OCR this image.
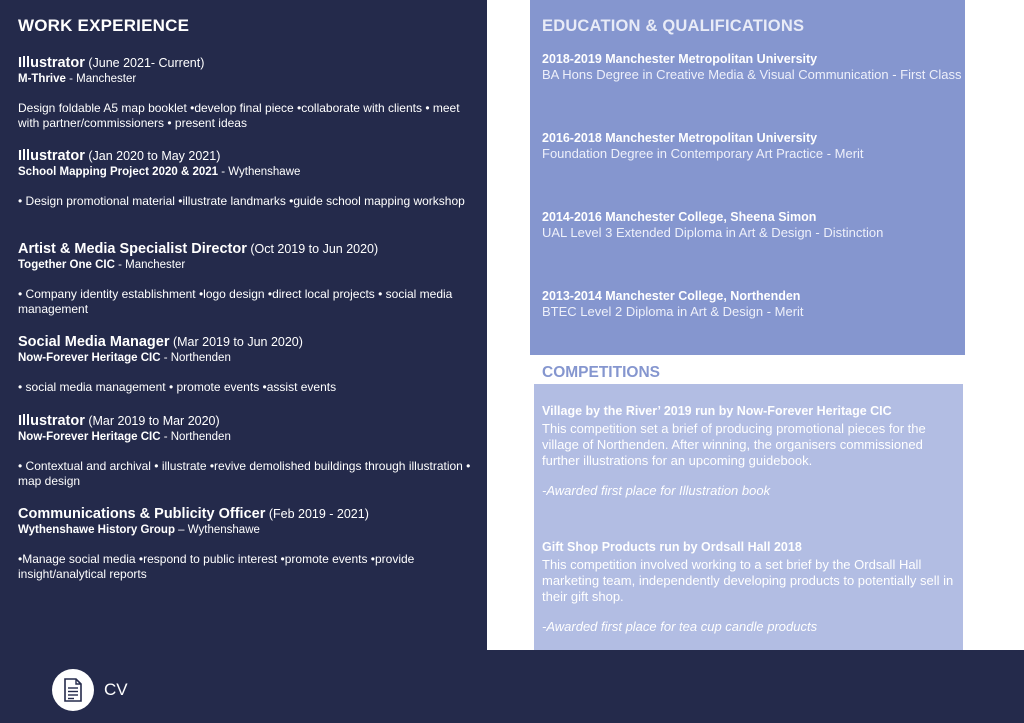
WORK EXPERIENCE
Illustrator (June 2021- Current)
M-Thrive - Manchester
Design foldable A5 map booklet •develop final piece •collaborate with clients • meet with partner/commissioners • present ideas
Illustrator (Jan 2020 to May 2021)
School Mapping Project 2020 & 2021 - Wythenshawe
• Design promotional material •illustrate landmarks •guide school mapping workshop
Artist & Media Specialist Director (Oct 2019 to Jun 2020)
Together One CIC - Manchester
• Company identity establishment •logo design •direct local projects • social media management
Social Media Manager (Mar 2019 to Jun 2020)
Now-Forever Heritage CIC - Northenden
• social media management • promote events •assist events
Illustrator (Mar 2019 to Mar 2020)
Now-Forever Heritage CIC - Northenden
• Contextual and archival • illustrate •revive demolished buildings through illustration • map design
Communications & Publicity Officer (Feb 2019 - 2021)
Wythenshawe History Group – Wythenshawe
•Manage social media •respond to public interest •promote events •provide insight/analytical reports
EDUCATION & QUALIFICATIONS
2018-2019 Manchester Metropolitan University
BA Hons Degree in Creative Media & Visual Communication - First Class
2016-2018 Manchester Metropolitan University
Foundation Degree in Contemporary Art Practice - Merit
2014-2016 Manchester College, Sheena Simon
UAL Level 3 Extended Diploma in Art & Design - Distinction
2013-2014 Manchester College, Northenden
BTEC Level 2 Diploma in Art & Design - Merit
COMPETITIONS
Village by the River’ 2019 run by Now-Forever Heritage CIC
This competition set a brief of producing promotional pieces for the village of Northenden. After winning, the organisers commissioned further illustrations for an upcoming guidebook.
-Awarded first place for Illustration book
Gift Shop Products run by Ordsall Hall 2018
This competition involved working to a set brief by the Ordsall Hall marketing team, independently developing products to potentially sell in their gift shop.
-Awarded first place for tea cup candle products
CV
